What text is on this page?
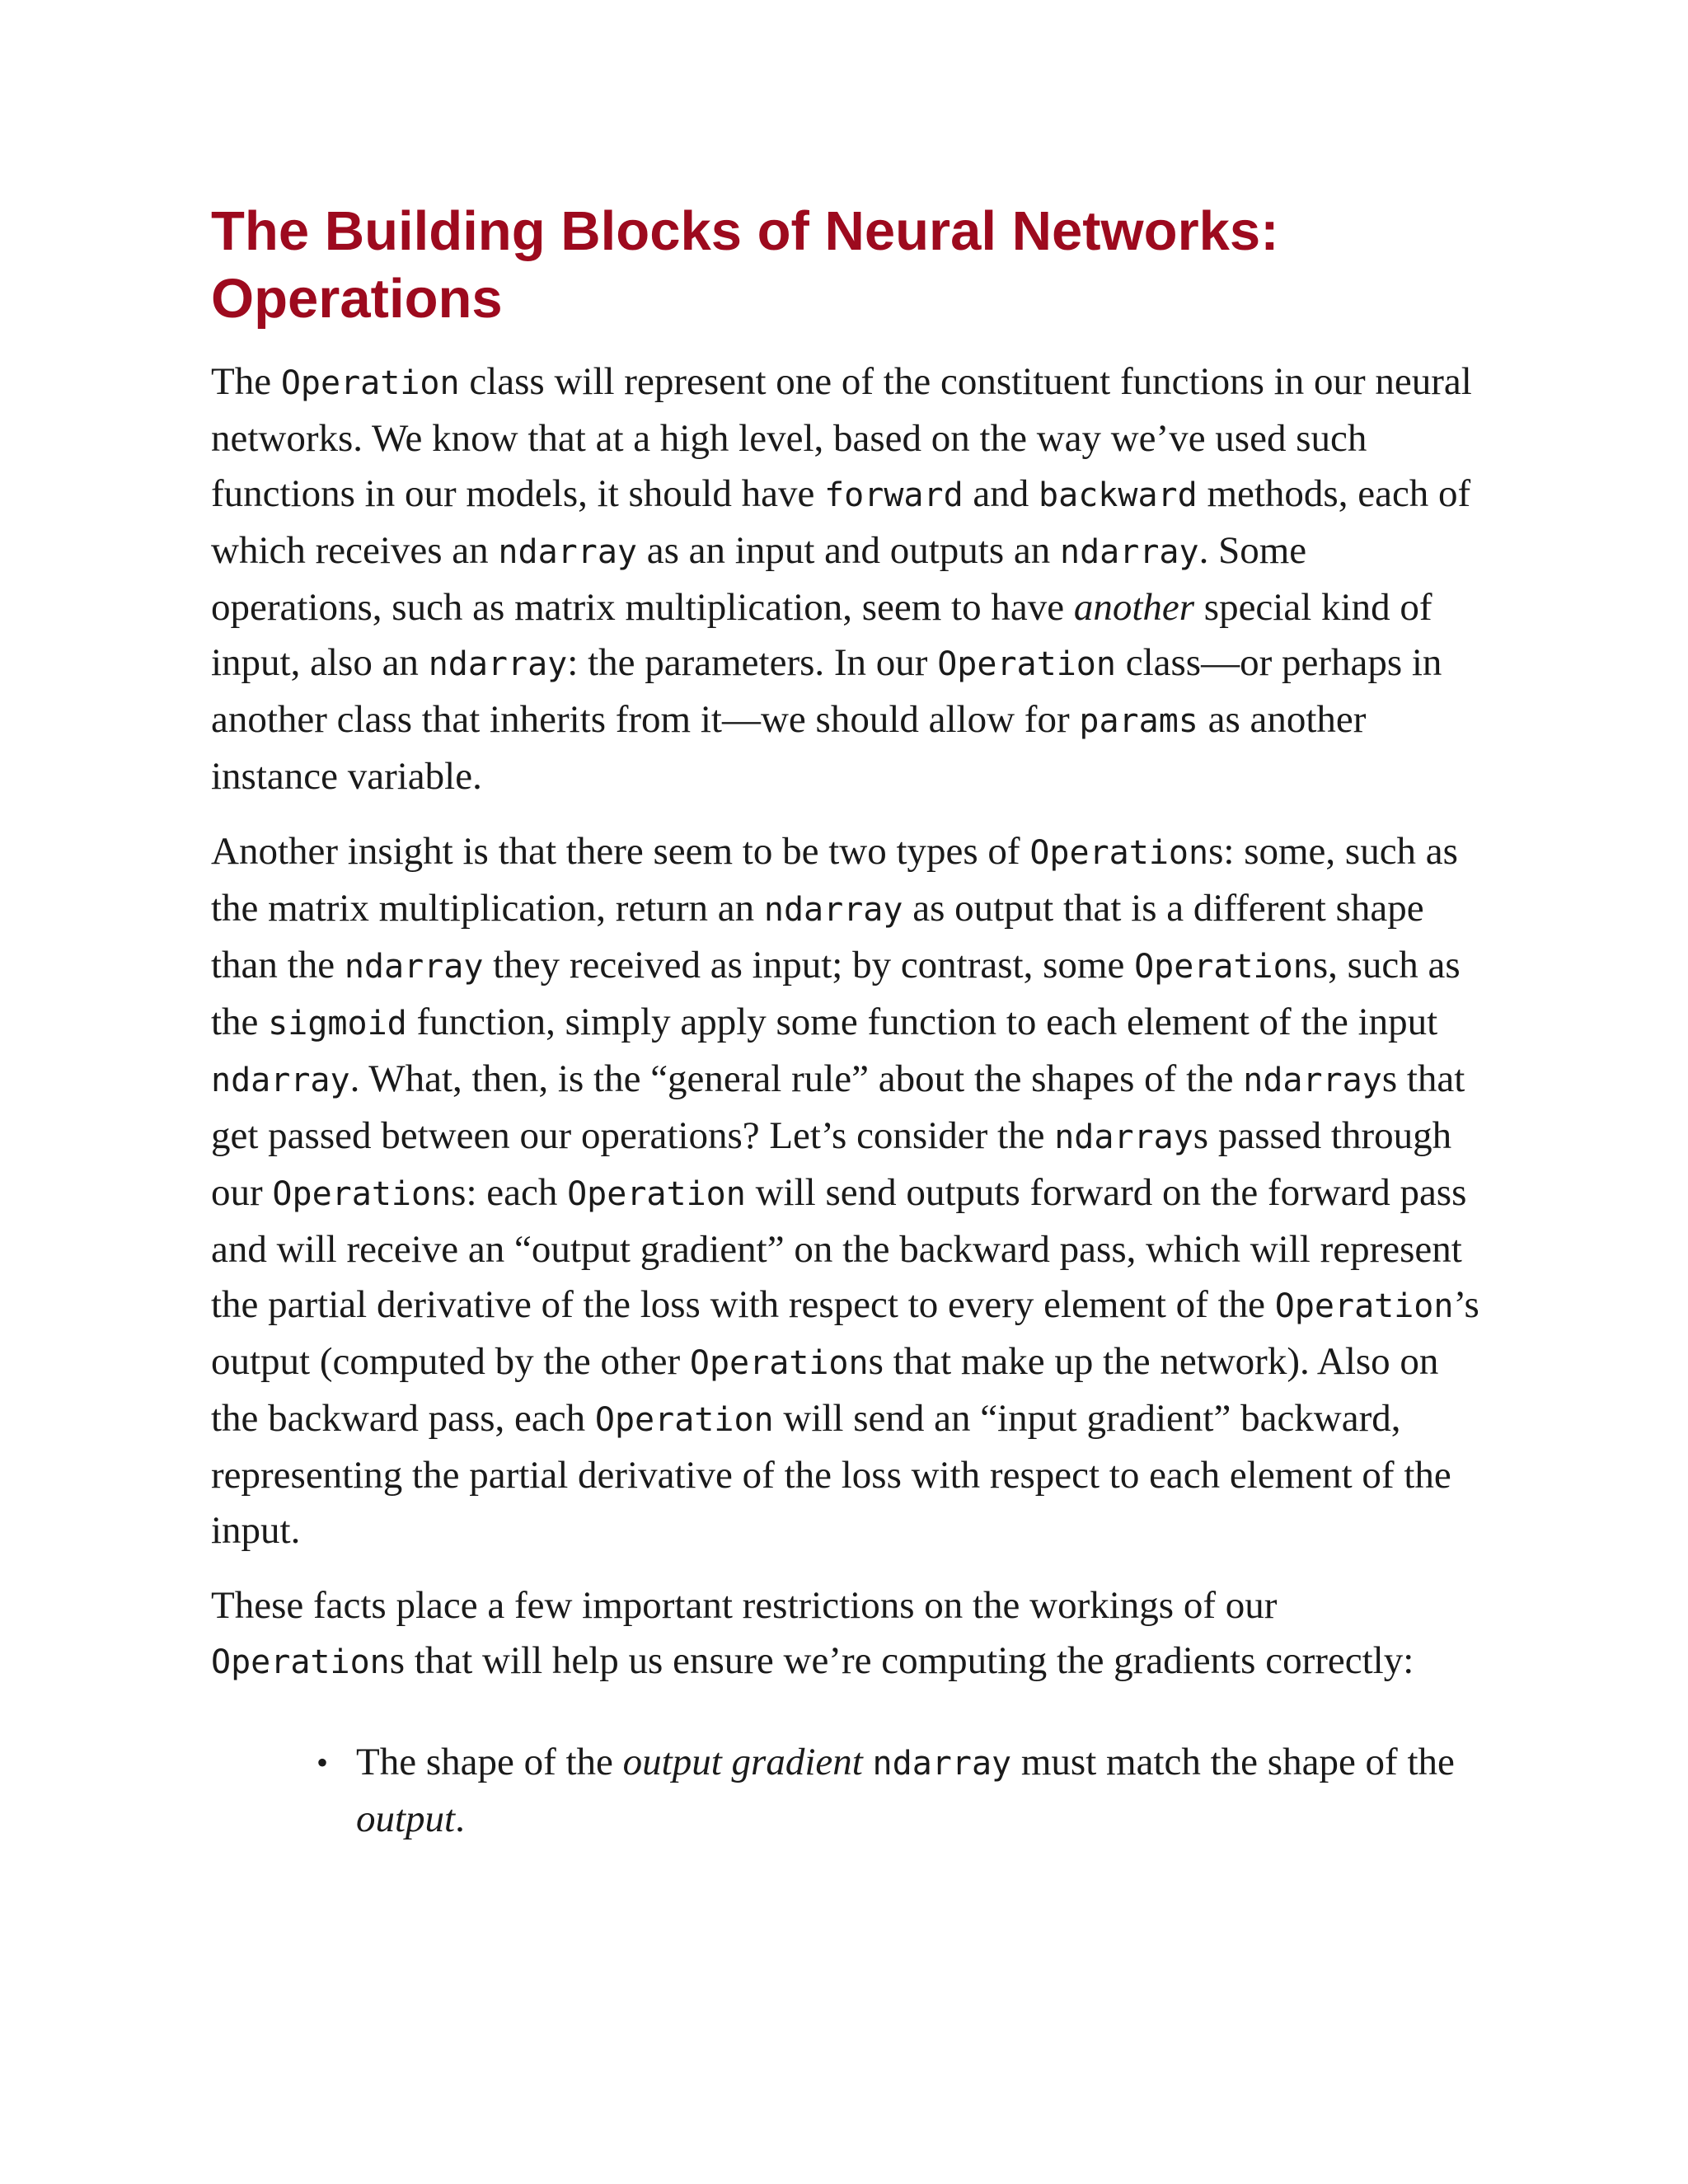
The Building Blocks of Neural Networks: Operations

The Operation class will represent one of the constituent functions in our neural networks. We know that at a high level, based on the way we’ve used such functions in our models, it should have forward and backward methods, each of which receives an ndarray as an input and outputs an ndarray. Some operations, such as matrix multiplication, seem to have another special kind of input, also an ndarray: the parameters. In our Operation class—or perhaps in another class that inherits from it—we should allow for params as another instance variable.

Another insight is that there seem to be two types of Operations: some, such as the matrix multiplication, return an ndarray as output that is a different shape than the ndarray they received as input; by contrast, some Operations, such as the sigmoid function, simply apply some function to each element of the input ndarray. What, then, is the “general rule” about the shapes of the ndarrays that get passed between our operations? Let’s consider the ndarrays passed through our Operations: each Operation will send outputs forward on the forward pass and will receive an “output gradient” on the backward pass, which will represent the partial derivative of the loss with respect to every element of the Operation’s output (computed by the other Operations that make up the network). Also on the backward pass, each Operation will send an “input gradient” backward, representing the partial derivative of the loss with respect to each element of the input.

These facts place a few important restrictions on the workings of our Operations that will help us ensure we’re computing the gradients correctly:

• The shape of the output gradient ndarray must match the shape of the output.
